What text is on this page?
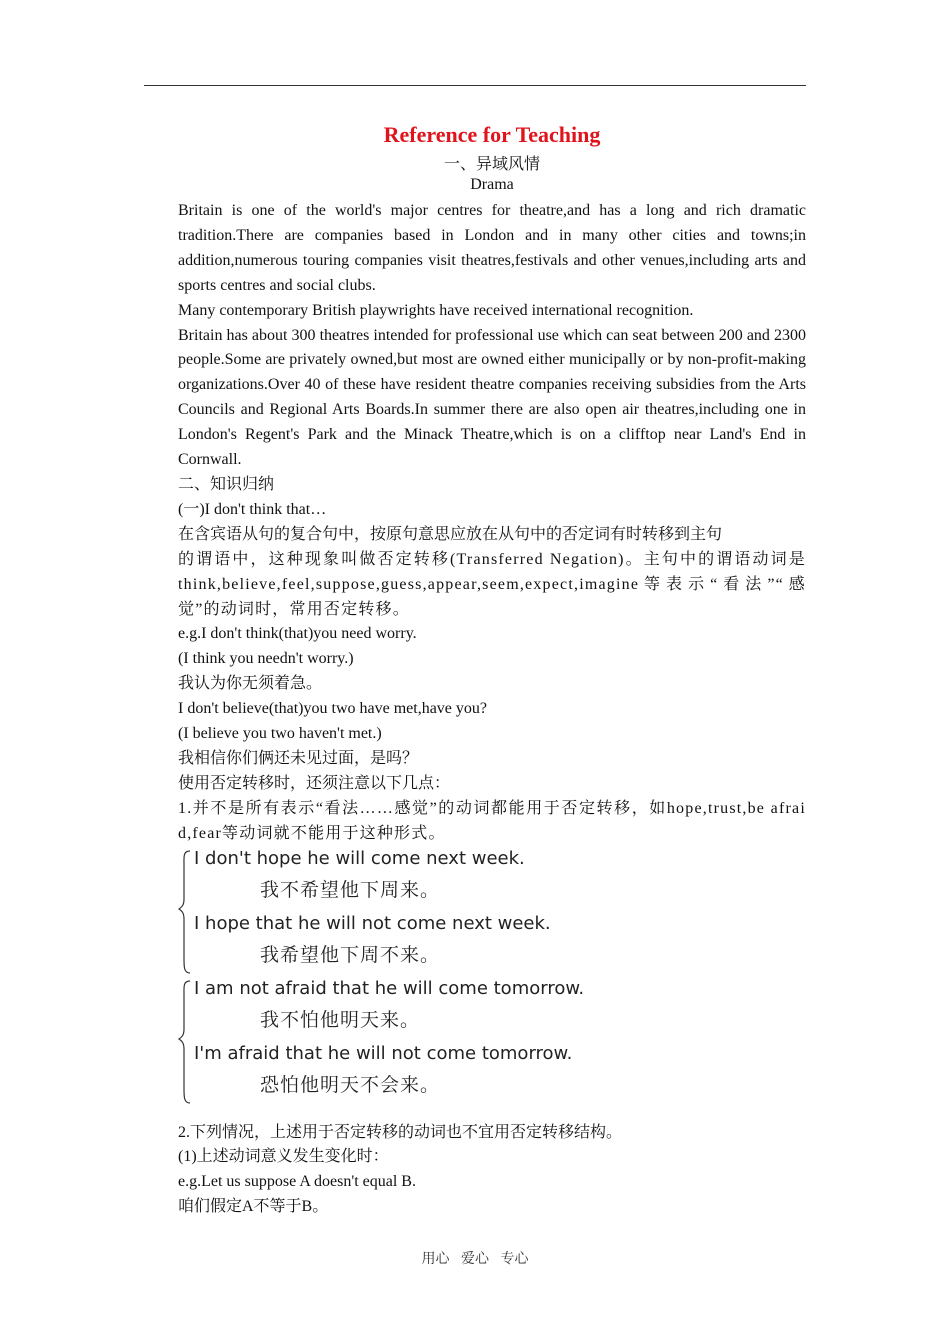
Reference for Teaching
一、异域风情
Drama

Britain is one of the world's major centres for theatre,and has a long and rich dramatic tradition.There are companies based in London and in many other cities and towns;in addition,numerous touring companies visit theatres,festivals and other venues,including arts and sports centres and social clubs.

Many contemporary British playwrights have received international recognition.

Britain has about 300 theatres intended for professional use which can seat between 200 and 2300 people.Some are privately owned,but most are owned either municipally or by non-profit-making organizations.Over 40 of these have resident theatre companies receiving subsidies from the Arts Councils and Regional Arts Boards.In summer there are also open air theatres,including one in London's Regent's Park and the Minack Theatre,which is on a clifftop near Land's End in Cornwall.

二、知识归纳

(一)I don't think that…

在含宾语从句的复合句中，按原句意思应放在从句中的否定词有时转移到主句

的谓语中，这种现象叫做否定转移(Transferred Negation)。主句中的谓语动词是think,believe,feel,suppose,guess,appear,seem,expect,imagine等表示“看法”“感觉”的动词时，常用否定转移。

e.g.I don't think(that)you need worry.

(I think you needn't worry.)

我认为你无须着急。

I don't believe(that)you two have met,have you?

(I believe you two haven't met.)

我相信你们俩还未见过面，是吗？

使用否定转移时，还须注意以下几点：

1.并不是所有表示“看法……感觉”的动词都能用于否定转移，如hope,trust,be afraid,fear等动词就不能用于这种形式。

I don't hope he will come next week.
我不希望他下周来。
I hope that he will not come next week.
我希望他下周不来。
I am not afraid that he will come tomorrow.
我不怕他明天来。
I'm afraid that he will not come tomorrow.
恐怕他明天不会来。

2.下列情况，上述用于否定转移的动词也不宜用否定转移结构。

(1)上述动词意义发生变化时：

e.g.Let us suppose A doesn't equal B.

咱们假定A不等于B。

用心 爱心 专心
